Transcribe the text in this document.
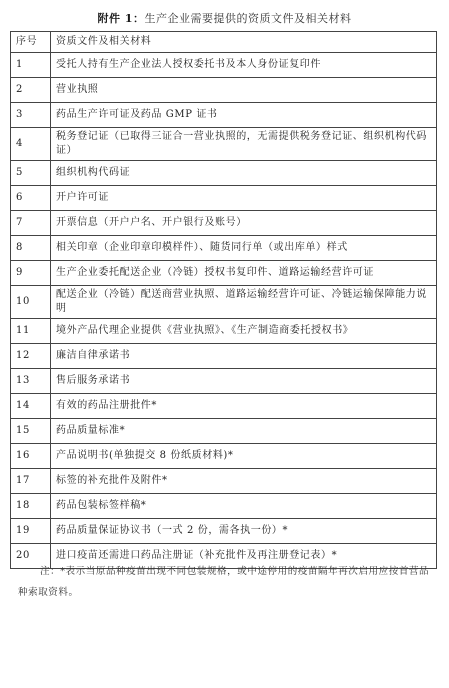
附件 1：生产企业需要提供的资质文件及相关材料
序号	资质文件及相关材料
1	受托人持有生产企业法人授权委托书及本人身份证复印件
2	营业执照
3	药品生产许可证及药品 GMP 证书
4	税务登记证（已取得三证合一营业执照的，无需提供税务登记证、组织机构代码证）
5	组织机构代码证
6	开户许可证
7	开票信息（开户户名、开户银行及账号）
8	相关印章（企业印章印模样件）、随货同行单（或出库单）样式
9	生产企业委托配送企业（冷链）授权书复印件、道路运输经营许可证
10	配送企业（冷链）配送商营业执照、道路运输经营许可证、冷链运输保障能力说明
11	境外产品代理企业提供《营业执照》、《生产制造商委托授权书》
12	廉洁自律承诺书
13	售后服务承诺书
14	有效的药品注册批件*
15	药品质量标准*
16	产品说明书(单独提交 8 份纸质材料)*
17	标签的补充批件及附件*
18	药品包装标签样稿*
19	药品质量保证协议书（一式 2 份，需各执一份）*
20	进口疫苗还需进口药品注册证（补充批件及再注册登记表）*
注：*表示当原品种疫苗出现不同包装规格，或中途停用的疫苗隔年再次启用应按首营品种索取资料。
